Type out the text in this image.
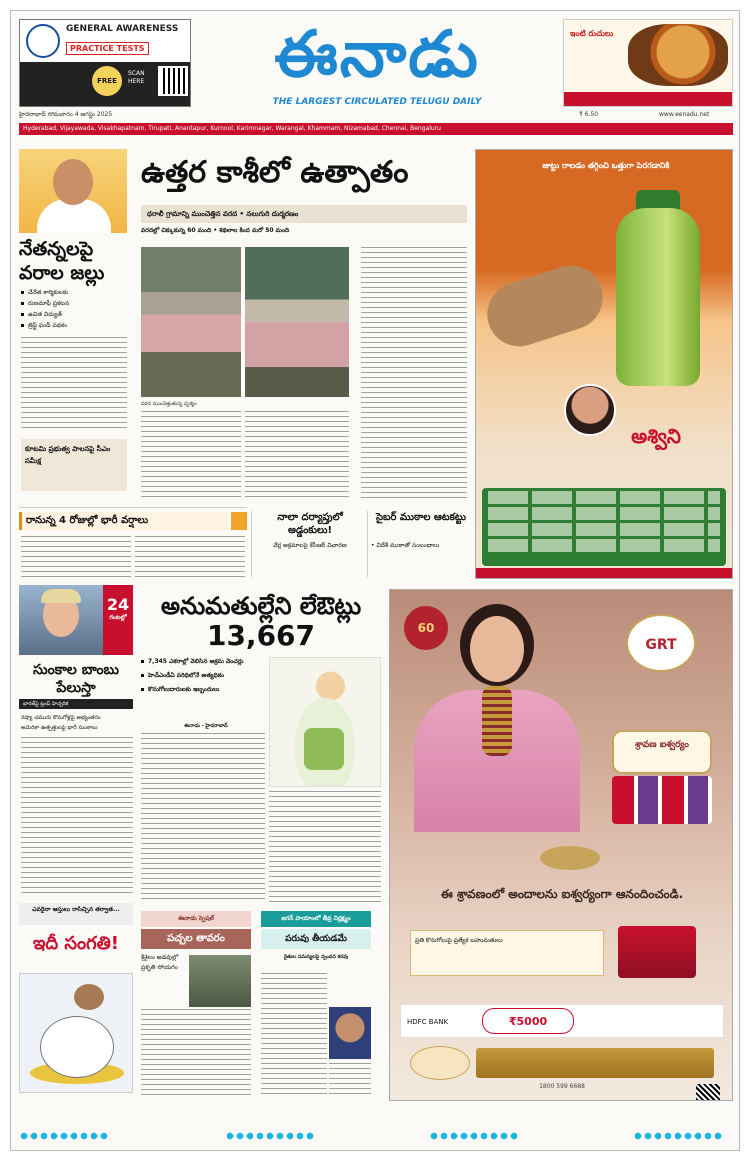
GENERAL AWARENESS
PRACTICE TESTS
FREE
SCAN HERE	ఈనాడు
THE LARGEST CIRCULATED TELUGU DAILY
ఇంటి రుచులు
హైదరాబాద్ సోమవారం 4 ఆగస్టు 2025	₹ 6.50	www.eenadu.net
Hyderabad, Vijayawada, Visakhapatnam, Tirupati, Anantapur, Kurnool, Karimnagar, Warangal, Khammam, Nizamabad, Chennai, Bengaluru
నేతన్నలపై వరాల జల్లు
చేనేత కార్మికులకు
రుణమాఫీ ప్రకటన
ఉచిత విద్యుత్
త్రిఫ్ట్ ఫండ్ పథకం
కూటమి ప్రభుత్వ పాలనపై సీఎం సమీక్ష
ఉత్తర కాశీలో ఉత్పాతం
ధరాలీ గ్రామాన్ని ముంచెత్తిన వరద • నలుగురి దుర్మరణం
వరదల్లో చిక్కుకున్న 60 మంది • శిథిలాల కింద మరో 50 మంది
వరద ముంచెత్తుతున్న దృశ్యం
జుట్టు రాలడం తగ్గించి ఒత్తుగా పెరగడానికి
అశ్విని
రానున్న 4 రోజుల్లో భారీ వర్షాలు	నాలా దర్యాప్తులో అడ్డంకులు!
వేర్ల అక్రమాలపై కేసీఆర్ విచారణ
సైబర్ ముఠాల ఆటకట్టు
• విదేశీ ముఠాతో సంబంధాలు
24
గంటల్లో
సుంకాల బాంబు పేలుస్తా
భారత్‌పై ట్రంప్ హెచ్చరిక
రష్యా చమురు కొనుగోళ్లపై అభ్యంతరం
అమెరికా ఉత్పత్తులపై భారీ సుంకాలు
అనుమతుల్లేని లేఔట్లు 13,667
7,345 ఎకరాల్లో వెలిసిన అక్రమ వెంచర్లు
హెచ్ఎండీఏ పరిధిలోనే అత్యధికం
కొనుగోలుదారులకు ఇబ్బందులు
ఈనాడు - హైదరాబాద్
60
GRT
శ్రావణ ఐశ్వర్యం
ఈ శ్రావణంలో అందాలను ఐశ్వర్యంగా ఆనందించండి.
ప్రతి కొనుగోలుపై ప్రత్యేక బహుమతులు
HDFC BANK	₹5000
1800 599 6688
ఎవరైనా ఆస్తులు రాసిచ్చిన తర్వాత...
ఇదీ సంగతి!
ఈనాడు స్పెషల్
పచ్చల తావరం
శ్రీశైలం అడవుల్లో ప్రకృతి సోయగం
జగన్ హయాంలో తీవ్ర నిర్లక్ష్యం
పరువు తీయడమే
రైతుల సమస్యలపై స్పందన కరవు
